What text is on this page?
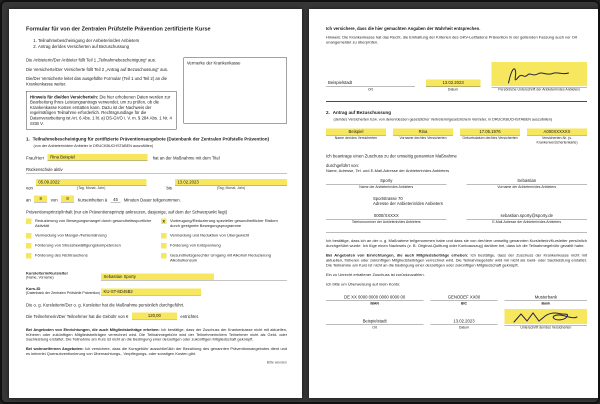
Formular für von der Zentralen Prüfstelle Prävention zertifizierte Kurse
1. Teilnahmebescheinigung der Anbieterin/des Anbieters
2. Antrag der/des Versicherten auf Bezuschussung

Die Anbieterin/Der Anbieter füllt Teil 1 „Teilnahmebescheinigung“ aus.

Die Versicherte/Der Versicherte füllt Teil 2 „Antrag auf Bezuschussung“ aus.

Die/Der Versicherte leitet das ausgefüllte Formular (Teil 1 und Teil 2) an die Krankenkasse weiter.

Hinweis für die/den Versicherte/n: Die hier erhobenen Daten werden zur Bearbeitung Ihres Leistungsantrags verwendet, um zu prüfen, ob die Krankenkasse Kosten erstatten kann. Dazu ist der Nachweis der regelmäßigen Teilnahme erforderlich. Rechtsgrundlage für die Datenverarbeitung ist Art. 6 Abs. 1 lit. a) DS-GVO i. V. m. § 284 Abs. 1 Nr. 4 SGB V.
Vermerke der Krankenkasse
1. Teilnahmebescheinigung für zertifizierte Präventionsangebote (Datenbank der Zentralen Prüfstelle Prävention)
(von der Anbieterin/dem Anbieter in DRUCKBUCHSTABEN auszufüllen)
Frau/Herr Rina Beispiel	hat an der Maßnahme mit dem Titel
Rückenschule aktiv
von
05.09.2022
(Tag, Monat, Jahr)	bis
13.02.2023
(Tag, Monat, Jahr)
an	8	von	8	Kurseinheiten à 45 Minuten Dauer teilgenommen.
Präventionsprinzip/Inhalt (nur ein Präventionsprinzip ankreuzen, dasjenige, auf dem der Schwerpunkt liegt)
Reduzierung von Bewegungsmangel durch gesundheitssportliche Aktivität
x Vorbeugung/Reduzierung spezieller gesundheitlicher Risiken durch geeignete Bewegungsprogramme
Vermeidung von Mangel-/Fehlernährung	Vermeidung und Reduktion von Übergewicht
Förderung von Stressbewältigungskompetenzen	Förderung von Entspannung
Förderung des Nichtrauchens	Gesundheitsgerechter Umgang mit Alkohol/ Reduzierung Alkoholkonsum
Kursleiterin/Kursleiter
(Name, Vorname)	Sebastian Sporty
Kurs-ID
(Datenbank der Zentralen Prüfstelle Prävention) KU-ST-8D45B2

Die o. g. Kursleiterin/Der o. g. Kursleiter hat die Maßnahme persönlich durchgeführt.

Die Teilnehmerin/Der Teilnehmer hat die Gebühr von €	120,00	entrichtet.

Bei Angeboten von Einrichtungen, die auch Mitgliedsbeiträge erheben: Ich bestätige, dass der Zuschuss der Krankenkasse nicht mit aktuellen, früheren oder zukünftigen Mitgliedsbeiträgen verrechnet wird. Die Teilnahmegebühr wird der Teilnehmerin/dem Teilnehmer nicht als Geld- oder Sachleistung erstattet. Die Teilnahme am Kurs ist nicht an die Bedingung einer derzeitigen oder zukünftigen Mitgliedschaft geknüpft.

Bei wohnortfernen Angeboten: Ich versichere, dass die Kursgebühr ausschließlich der Bezahlung des genannten Präventionsangebotes dient und es keinerlei Quersubventionierung von Übernachtungs-, Verpflegungs- oder sonstigen Kosten gibt.

Bitte wenden

Ich versichere, dass die hier gemachten Angaben der Wahrheit entsprechen.

Hinweis: Die Krankenkasse hat das Recht, die Einhaltung der Kriterien des GKV-Leitfadens Prävention in der geltenden Fassung auch vor Ort unangemeldet zu überprüfen.

Beispielstadt
Ort
13.02.2023
Datum	Persönliche Unterschrift der Anbieterin/des Anbieters
2. Antrag auf Bezuschussung
(der/des Versicherten bzw. von deren/dessen gesetzlicher Vertreterin/gesetzlichem Vertreter, in DRUCKBUCHSTABEN auszufüllen)
Beispiel
Name der/des Versicherten
Rina
Vorname der/des Versicherten
17.05.1976
Geburtsdatum der/des Versicherten
A000XXXXXX
Versicherten-Nr. (s. Krankenversichertenkarte)

Ich beantrage einen Zuschuss zu der umseitig genannten Maßnahme

durchgeführt von:

Name, Adresse, Tel. und E-Mail-Adresse der Anbieterin/des Anbieters

Sporty
Name der Anbieterin/des Anbieters
Sebastian
Vorname der Anbieterin/des Anbieters
Sportstrasse 70
Adresse der Anbieterin/des Anbieters
0000/XXXXX
Telefonnummer der Anbieterin/des Anbieters
sebastian.sporty@sporty.de
E-Mail-Adresse der Anbieterin/des Anbieters

Ich bestätige, dass ich an der o. g. Maßnahme teilgenommen habe und dass sie von der/dem umseitig genannten Kursleiterin/Kursleiter persönlich durchgeführt wurde. Ich füge einen Nachweis (z. B. Original-Quittung oder Kontoauszug) darüber bei, dass ich die Teilnahmegebühr gezahlt habe.

Bei Angeboten von Einrichtungen, die auch Mitgliedsbeiträge erheben: Ich bestätige, dass der Zuschuss der Krankenkasse nicht mit aktuellen, früheren oder zukünftigen Mitgliedsbeiträgen verrechnet wird. Die Teilnahmegebühr wird mir nicht als Geld- oder Sachleistung erstattet. Die Teilnahme am Kurs ist nicht an die Bedingung einer derzeitigen oder zukünftigen Mitgliedschaft geknüpft.

Ein zu Unrecht erhaltener Zuschuss ist zurückzuzahlen.

Ich bitte um Überweisung auf mein Konto:

DE XX 0000 0000 0000 0000 00
IBAN
GENODEF XX00
BIC
Musterbank
Bank
Beispielstadt
Ort
13.02.2023
Datum	Unterschrift der/des Versicherten
